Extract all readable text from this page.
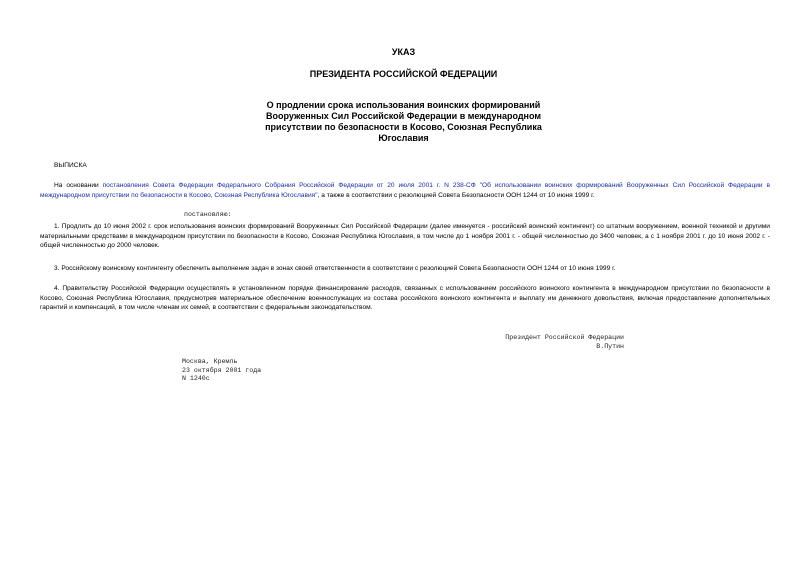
УКАЗ
ПРЕЗИДЕНТА РОССИЙСКОЙ ФЕДЕРАЦИИ
О продлении срока использования воинских формирований Вооруженных Сил Российской Федерации в международном присутствии по безопасности в Косово, Союзная Республика Югославия
ВЫПИСКА
На основании постановления Совета Федерации Федерального Собрания Российской Федерации от 20 июля 2001 г. N 238-СФ "Об использовании воинских формирований Вооруженных Сил Российской Федерации в международном присутствии по безопасности в Косово, Союзная Республика Югославия", а также в соответствии с резолюцией Совета Безопасности ООН 1244 от 10 июня 1999 г.
постановляю:
1. Продлить до 10 июня 2002 г. срок использования воинских формирований Вооруженных Сил Российской Федерации (далее именуется - российский воинский контингент) со штатным вооружением, военной техникой и другими материальными средствами в международном присутствии по безопасности в Косово, Союзная Республика Югославия, в том числе до 1 ноября 2001 г. - общей численностью до 3400 человек, а с 1 ноября 2001 г. до 10 июня 2002 г. - общей численностью до 2000 человек.
3. Российскому воинскому контингенту обеспечить выполнение задач в зонах своей ответственности в соответствии с резолюцией Совета Безопасности ООН 1244 от 10 июня 1999 г.
4. Правительству Российской Федерации осуществлять в установленном порядке финансирование расходов, связанных с использованием российского воинского контингента в международном присутствии по безопасности в Косово, Союзная Республика Югославия, предусмотрев материальное обеспечение военнослужащих из состава российского воинского контингента и выплату им денежного довольствия, включая предоставление дополнительных гарантий и компенсаций, в том числе членам их семей, в соответствии с федеральным законодательством.
Президент Российской Федерации
В.Путин
Москва, Кремль
23 октября 2001 года
N 1240с
